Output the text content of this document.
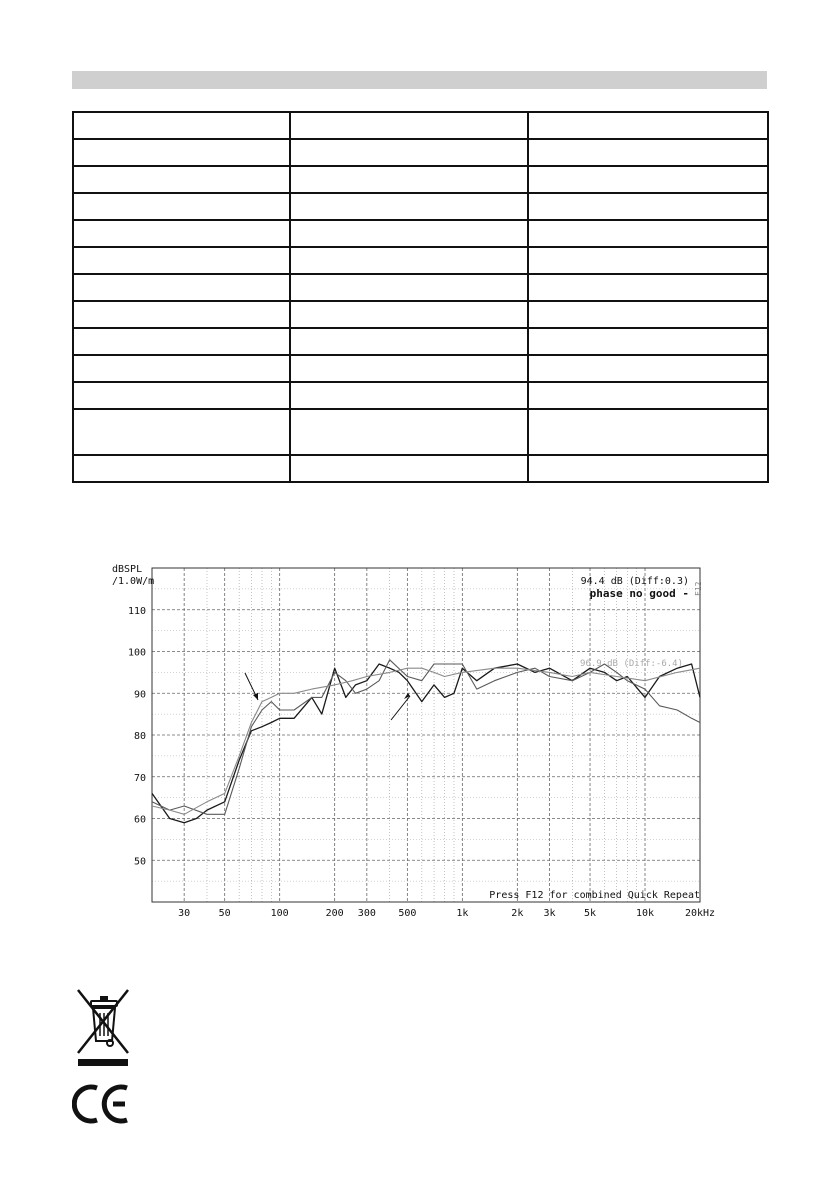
dBSPL
/1.0W/m
50
60
70
80
90
100
110
30	50	100	200 300 500	1k	2k 3k	5k	10k	20kHz
94.4 dB (Diff:0.3)
phase no good -
96.9 dB (Diff:-6.4)
Press F12 for combined Quick Repeat
F12
